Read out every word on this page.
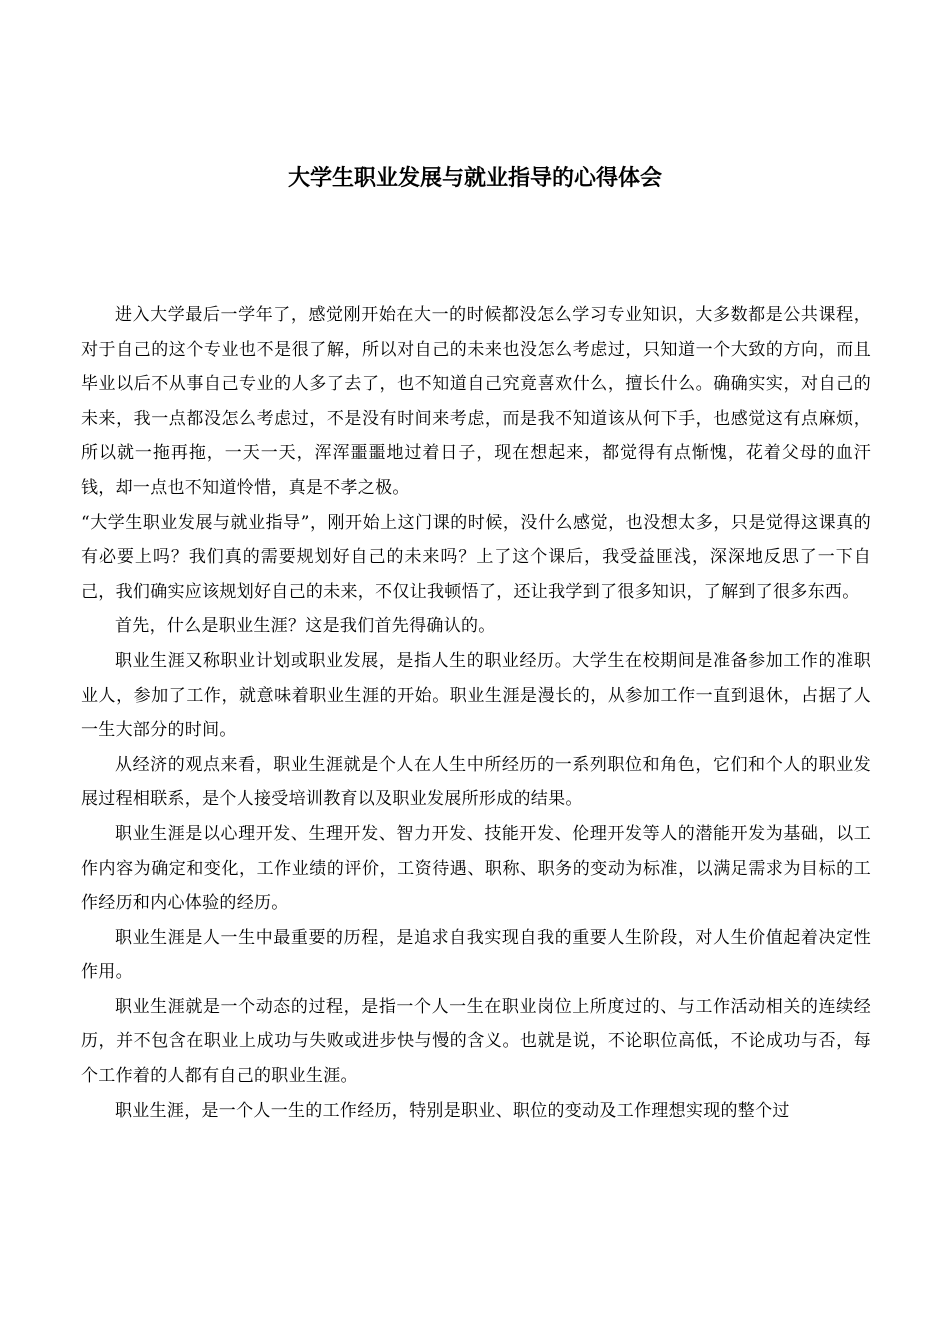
大学生职业发展与就业指导的心得体会

进入大学最后一学年了，感觉刚开始在大一的时候都没怎么学习专业知识，大多数都是公共课程，对于自己的这个专业也不是很了解，所以对自己的未来也没怎么考虑过，只知道一个大致的方向，而且毕业以后不从事自己专业的人多了去了，也不知道自己究竟喜欢什么，擅长什么。确确实实，对自己的未来，我一点都没怎么考虑过，不是没有时间来考虑，而是我不知道该从何下手，也感觉这有点麻烦，所以就一拖再拖，一天一天，浑浑噩噩地过着日子，现在想起来，都觉得有点惭愧，花着父母的血汗钱，却一点也不知道怜惜，真是不孝之极。

“大学生职业发展与就业指导”，刚开始上这门课的时候，没什么感觉，也没想太多，只是觉得这课真的有必要上吗？我们真的需要规划好自己的未来吗？上了这个课后，我受益匪浅，深深地反思了一下自己，我们确实应该规划好自己的未来，不仅让我顿悟了，还让我学到了很多知识，了解到了很多东西。

首先，什么是职业生涯？这是我们首先得确认的。

职业生涯又称职业计划或职业发展，是指人生的职业经历。大学生在校期间是准备参加工作的准职业人，参加了工作，就意味着职业生涯的开始。职业生涯是漫长的，从参加工作一直到退休，占据了人一生大部分的时间。

从经济的观点来看，职业生涯就是个人在人生中所经历的一系列职位和角色，它们和个人的职业发展过程相联系，是个人接受培训教育以及职业发展所形成的结果。

职业生涯是以心理开发、生理开发、智力开发、技能开发、伦理开发等人的潜能开发为基础，以工作内容为确定和变化，工作业绩的评价，工资待遇、职称、职务的变动为标准，以满足需求为目标的工作经历和内心体验的经历。

职业生涯是人一生中最重要的历程，是追求自我实现自我的重要人生阶段，对人生价值起着决定性作用。

职业生涯就是一个动态的过程，是指一个人一生在职业岗位上所度过的、与工作活动相关的连续经历，并不包含在职业上成功与失败或进步快与慢的含义。也就是说，不论职位高低，不论成功与否，每个工作着的人都有自己的职业生涯。

职业生涯，是一个人一生的工作经历，特别是职业、职位的变动及工作理想实现的整个过
